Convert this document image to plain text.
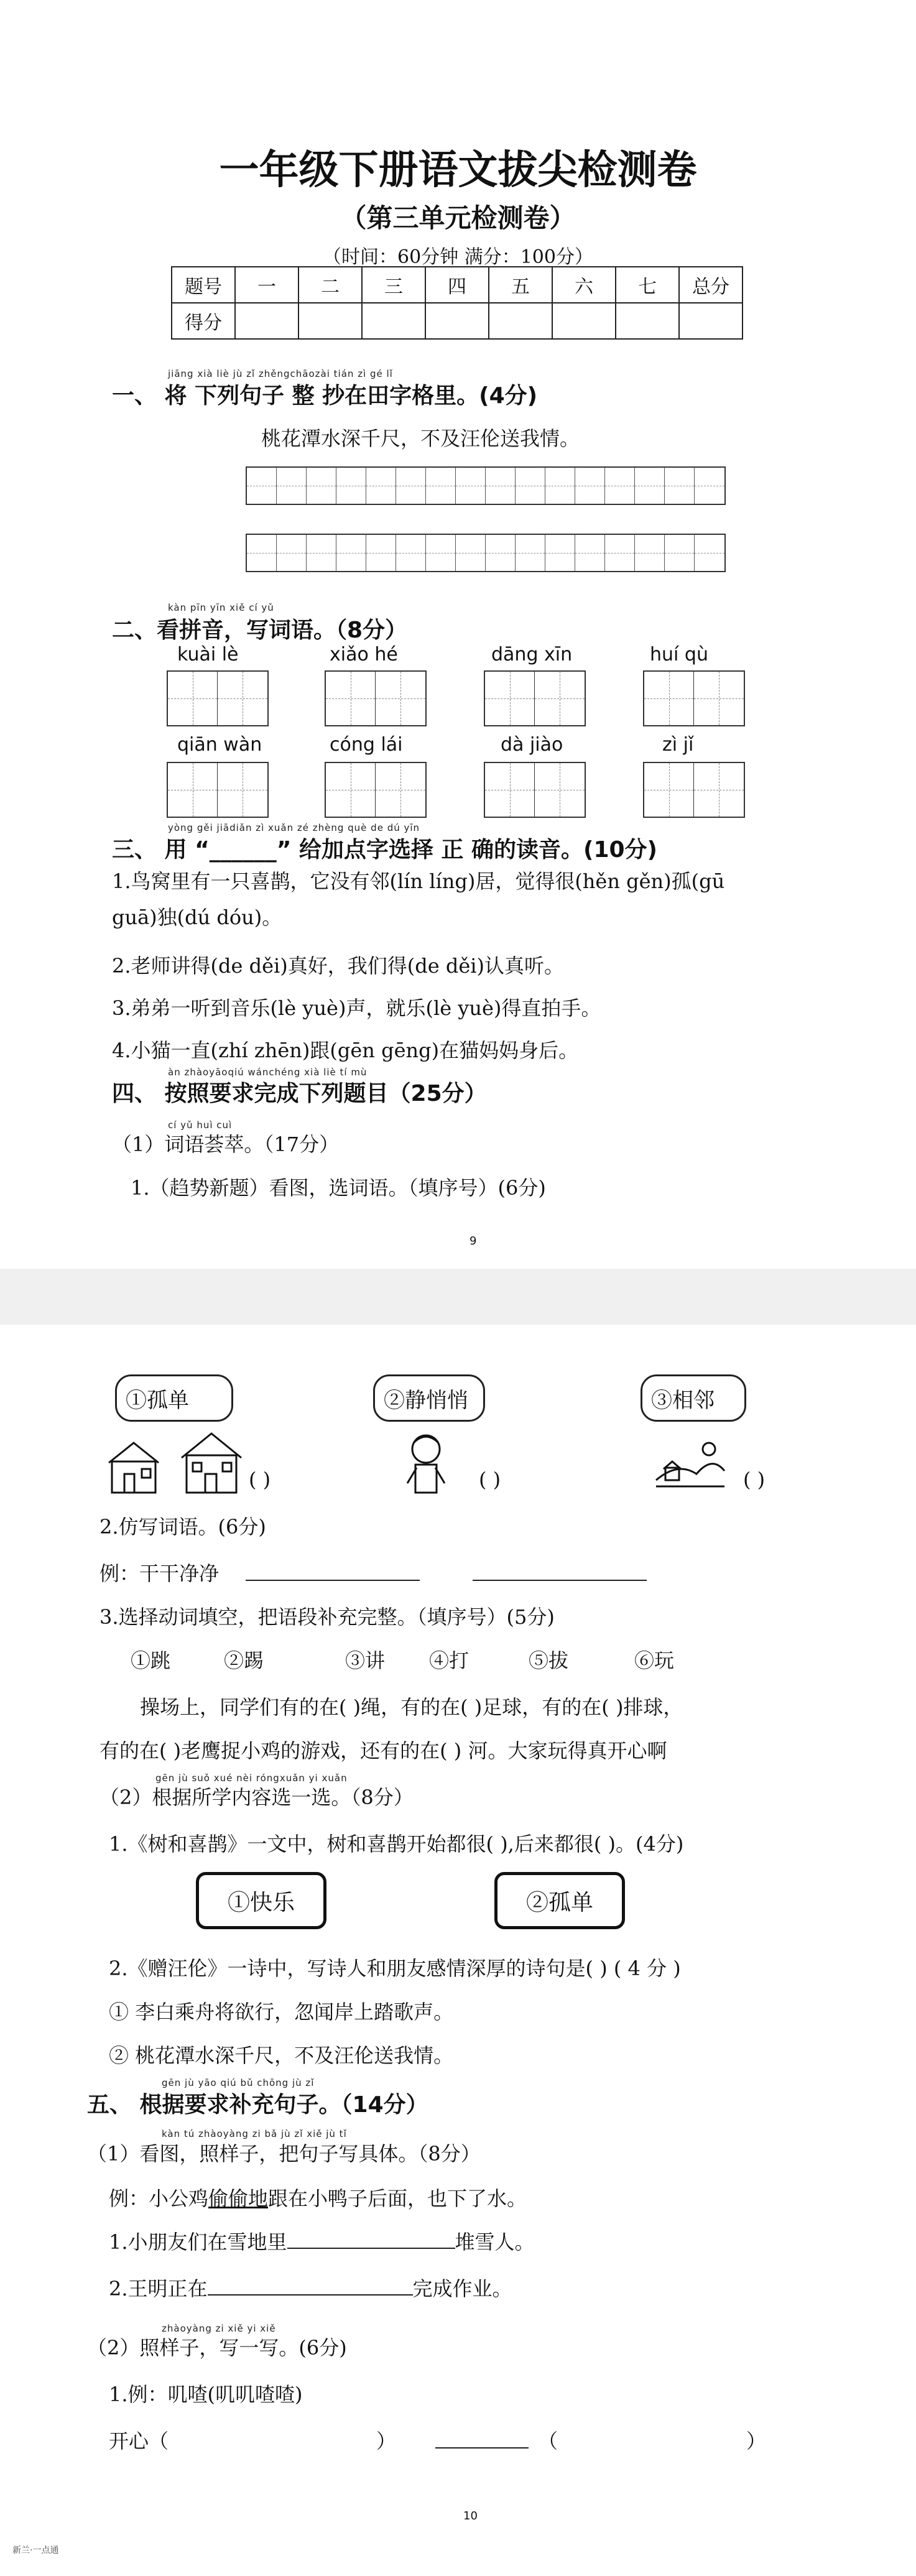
一年级下册语文拔尖检测卷
（第三单元检测卷）
（时间：60分钟 满分：100分）
题号	一	二	三	四	五	六	七	总分
得分								
jiāng xià liè jù zǐ zhěngchāozài tián zì gé lǐ
一、 将 下列句子 整 抄在田字格里。(4分)
桃花潭水深千尺，不及汪伦送我情。
kàn pīn yīn xiě cí yǔ
二、看拼音，写词语。（8分）
kuài lè	xiǎo hé	dāng xīn	huí qù
qiān wàn	cóng lái	dà jiào	zì jǐ
yòng gěi jiādiǎn zì xuǎn zé zhèng què de dú yīn
三、 用 “______” 给加点字选择 正 确的读音。(10分)
1.鸟窝里有一只喜鹊，它没有邻(lín líng)居，觉得很(hěn gěn)孤(gū
guā)独(dú dóu)。
2.老师讲得(de děi)真好，我们得(de děi)认真听。
3.弟弟一听到音乐(lè yuè)声，就乐(lè yuè)得直拍手。
4.小猫一直(zhí zhēn)跟(gēn gēng)在猫妈妈身后。
àn zhàoyāoqiú wánchéng xià liè tí mù
四、 按照要求完成下列题目（25分）
cí yǔ huì cuì
（1）词语荟萃。（17分）
1.（趋势新题）看图，选词语。（填序号）(6分)
9
①孤单	②静悄悄	③相邻
( )	( )	( )
2.仿写词语。(6分)
例：干干净净
3.选择动词填空，把语段补充完整。（填序号）(5分)
①跳	②踢	③讲 ④打	⑤拔	⑥玩
操场上，同学们有的在( )绳，有的在( )足球，有的在( )排球，
有的在( )老鹰捉小鸡的游戏，还有的在( ) 河。大家玩得真开心啊
gēn jù suǒ xué nèi róngxuǎn yi xuǎn
（2）根据所学内容选一选。（8分）
1.《树和喜鹊》一文中，树和喜鹊开始都很( ),后来都很( )。(4分)
①快乐	②孤单
2.《赠汪伦》一诗中，写诗人和朋友感情深厚的诗句是( ) ( 4 分 )
① 李白乘舟将欲行，忽闻岸上踏歌声。
② 桃花潭水深千尺，不及汪伦送我情。
gēn jù yāo qiú bǔ chōng jù zǐ
五、 根据要求补充句子。（14分）
kàn tú zhàoyàng zi bǎ jù zǐ xiě jù tǐ
（1）看图，照样子，把句子写具体。（8分）
例：小公鸡偷偷地跟在小鸭子后面，也下了水。
1.小朋友们在雪地里	堆雪人。
2.王明正在	完成作业。
zhàoyàng zi xiě yi xiě
（2）照样子，写一写。(6分)
1.例：叽喳(叽叽喳喳)
开心（	）	（	）
10
新兰·一点通
